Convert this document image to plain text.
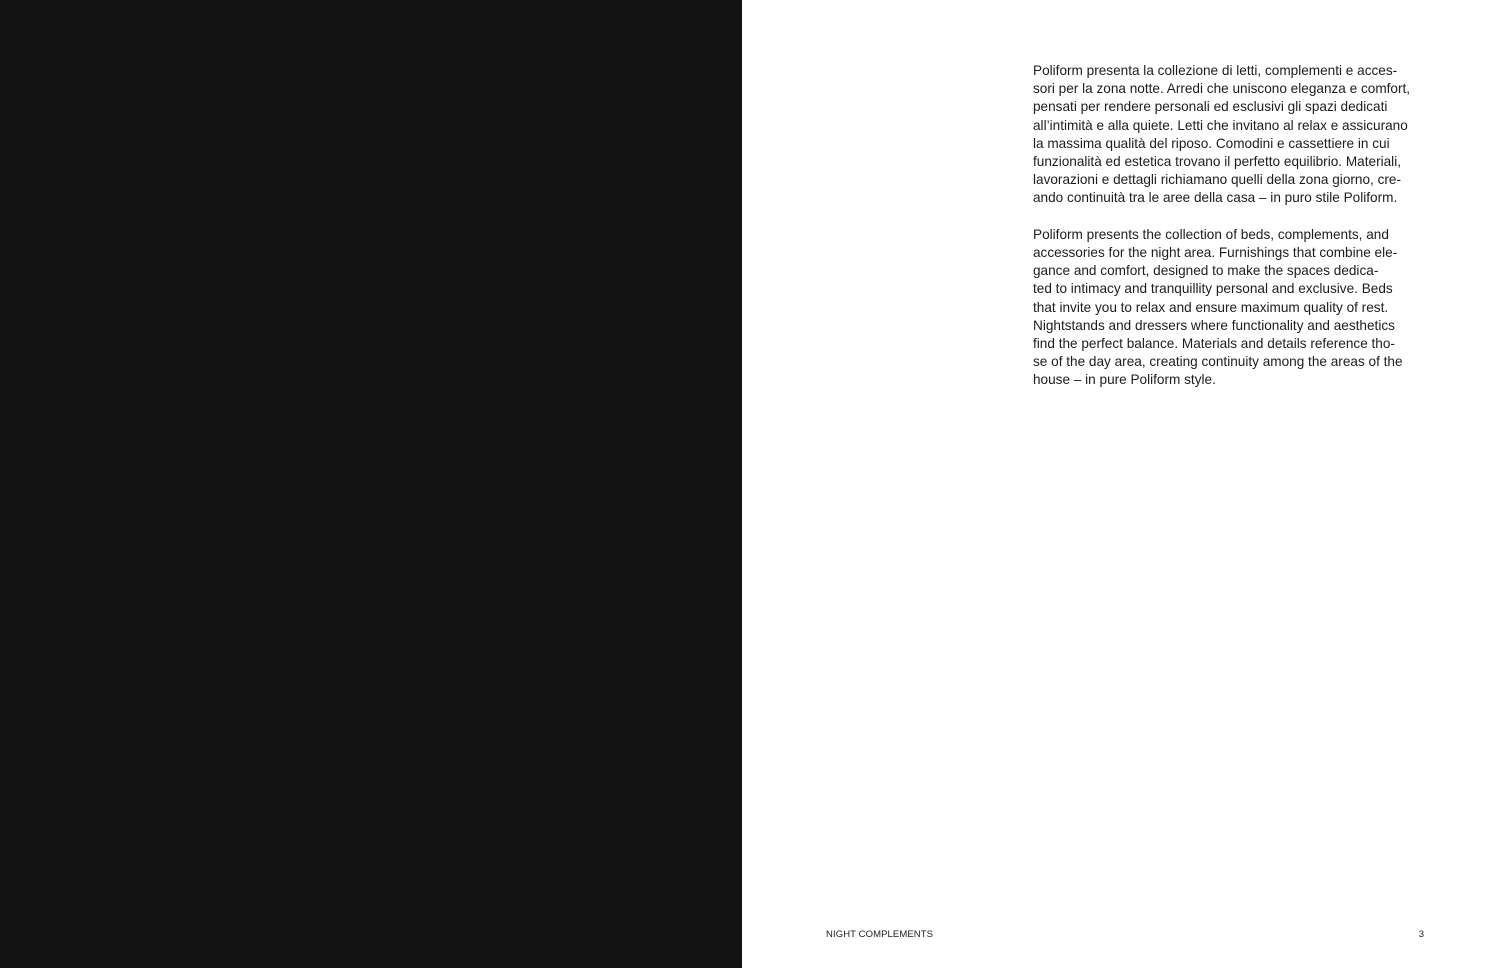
Poliform presenta la collezione di letti, complementi e acces-
sori per la zona notte. Arredi che uniscono eleganza e comfort,
pensati per rendere personali ed esclusivi gli spazi dedicati
all’intimità e alla quiete. Letti che invitano al relax e assicurano
la massima qualità del riposo. Comodini e cassettiere in cui
funzionalità ed estetica trovano il perfetto equilibrio. Materiali,
lavorazioni e dettagli richiamano quelli della zona giorno, cre-
ando continuità tra le aree della casa – in puro stile Poliform.

Poliform presents the collection of beds, complements, and
accessories for the night area. Furnishings that combine ele-
gance and comfort, designed to make the spaces dedica-
ted to intimacy and tranquillity personal and exclusive. Beds
that invite you to relax and ensure maximum quality of rest.
Nightstands and dressers where functionality and aesthetics
find the perfect balance. Materials and details reference tho-
se of the day area, creating continuity among the areas of the
house – in pure Poliform style.

NIGHT COMPLEMENTS	3
